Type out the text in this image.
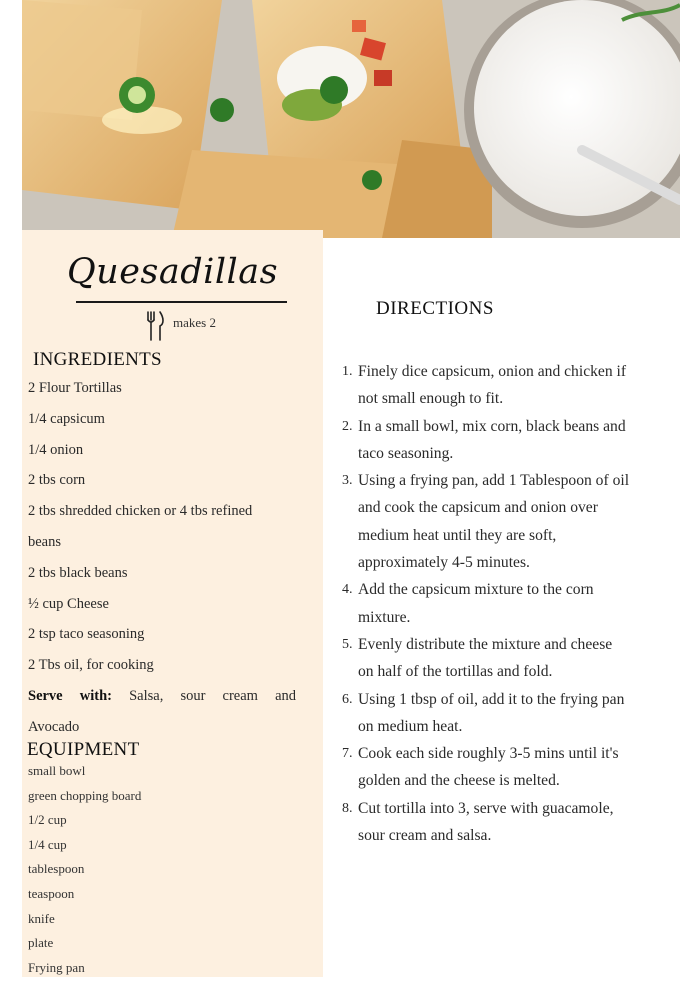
Quesadillas
makes 2
INGREDIENTS
2 Flour Tortillas
1/4 capsicum
1/4 onion
2 tbs corn
2 tbs shredded chicken or 4 tbs refined
beans
2 tbs black beans
½ cup Cheese
2 tsp taco seasoning
2 Tbs oil, for cooking
Serve with: Salsa, sour cream and
Avocado
EQUIPMENT
small bowl
green chopping board
1/2 cup
1/4 cup
tablespoon
teaspoon
knife
plate
Frying pan
DIRECTIONS
1. Finely dice capsicum, onion and chicken if
not small enough to fit.
2. In a small bowl, mix corn, black beans and
taco seasoning.
3. Using a frying pan, add 1 Tablespoon of oil
and cook the capsicum and onion over
medium heat until they are soft,
approximately 4-5 minutes.
4. Add the capsicum mixture to the corn
mixture.
5. Evenly distribute the mixture and cheese
on half of the tortillas and fold.
6. Using 1 tbsp of oil, add it to the frying pan
on medium heat.
7. Cook each side roughly 3-5 mins until it's
golden and the cheese is melted.
8. Cut tortilla into 3, serve with guacamole,
sour cream and salsa.
